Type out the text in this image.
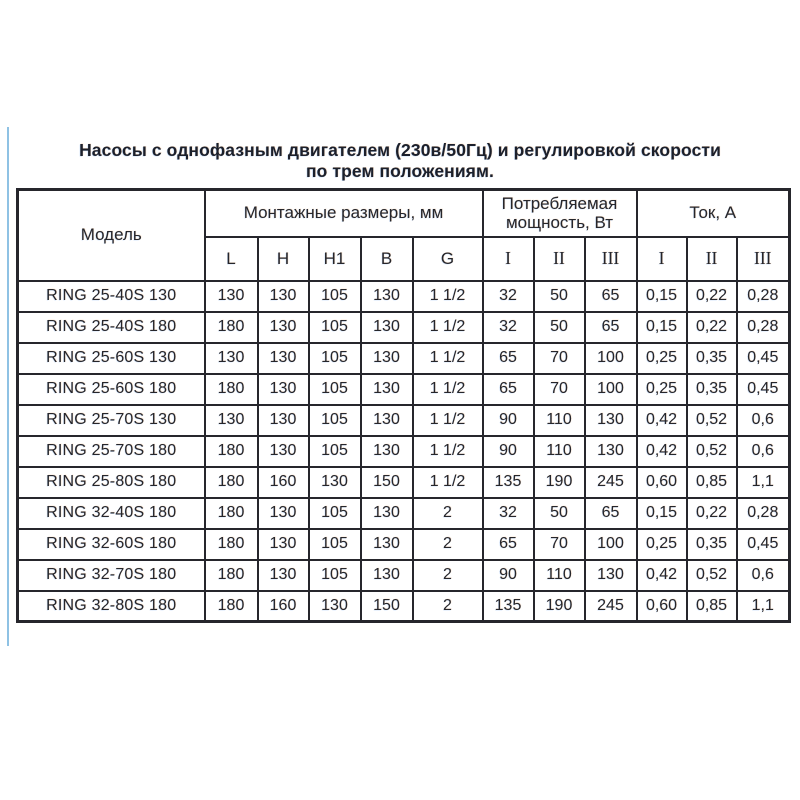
Насосы с однофазным двигателем (230в/50Гц) и регулировкой скорости
по трем положениям.
Модель	Монтажные размеры, мм					Потребляемая мощность, Вт			Ток, А		
	L	H	H1	B	G	I	II	III	I	II	III
RING 25-40S 130	130	130	105	130	1 1/2	32	50	65	0,15	0,22	0,28
RING 25-40S 180	180	130	105	130	1 1/2	32	50	65	0,15	0,22	0,28
RING 25-60S 130	130	130	105	130	1 1/2	65	70	100	0,25	0,35	0,45
RING 25-60S 180	180	130	105	130	1 1/2	65	70	100	0,25	0,35	0,45
RING 25-70S 130	130	130	105	130	1 1/2	90	110	130	0,42	0,52	0,6
RING 25-70S 180	180	130	105	130	1 1/2	90	110	130	0,42	0,52	0,6
RING 25-80S 180	180	160	130	150	1 1/2	135	190	245	0,60	0,85	1,1
RING 32-40S 180	180	130	105	130	2	32	50	65	0,15	0,22	0,28
RING 32-60S 180	180	130	105	130	2	65	70	100	0,25	0,35	0,45
RING 32-70S 180	180	130	105	130	2	90	110	130	0,42	0,52	0,6
RING 32-80S 180	180	160	130	150	2	135	190	245	0,60	0,85	1,1
